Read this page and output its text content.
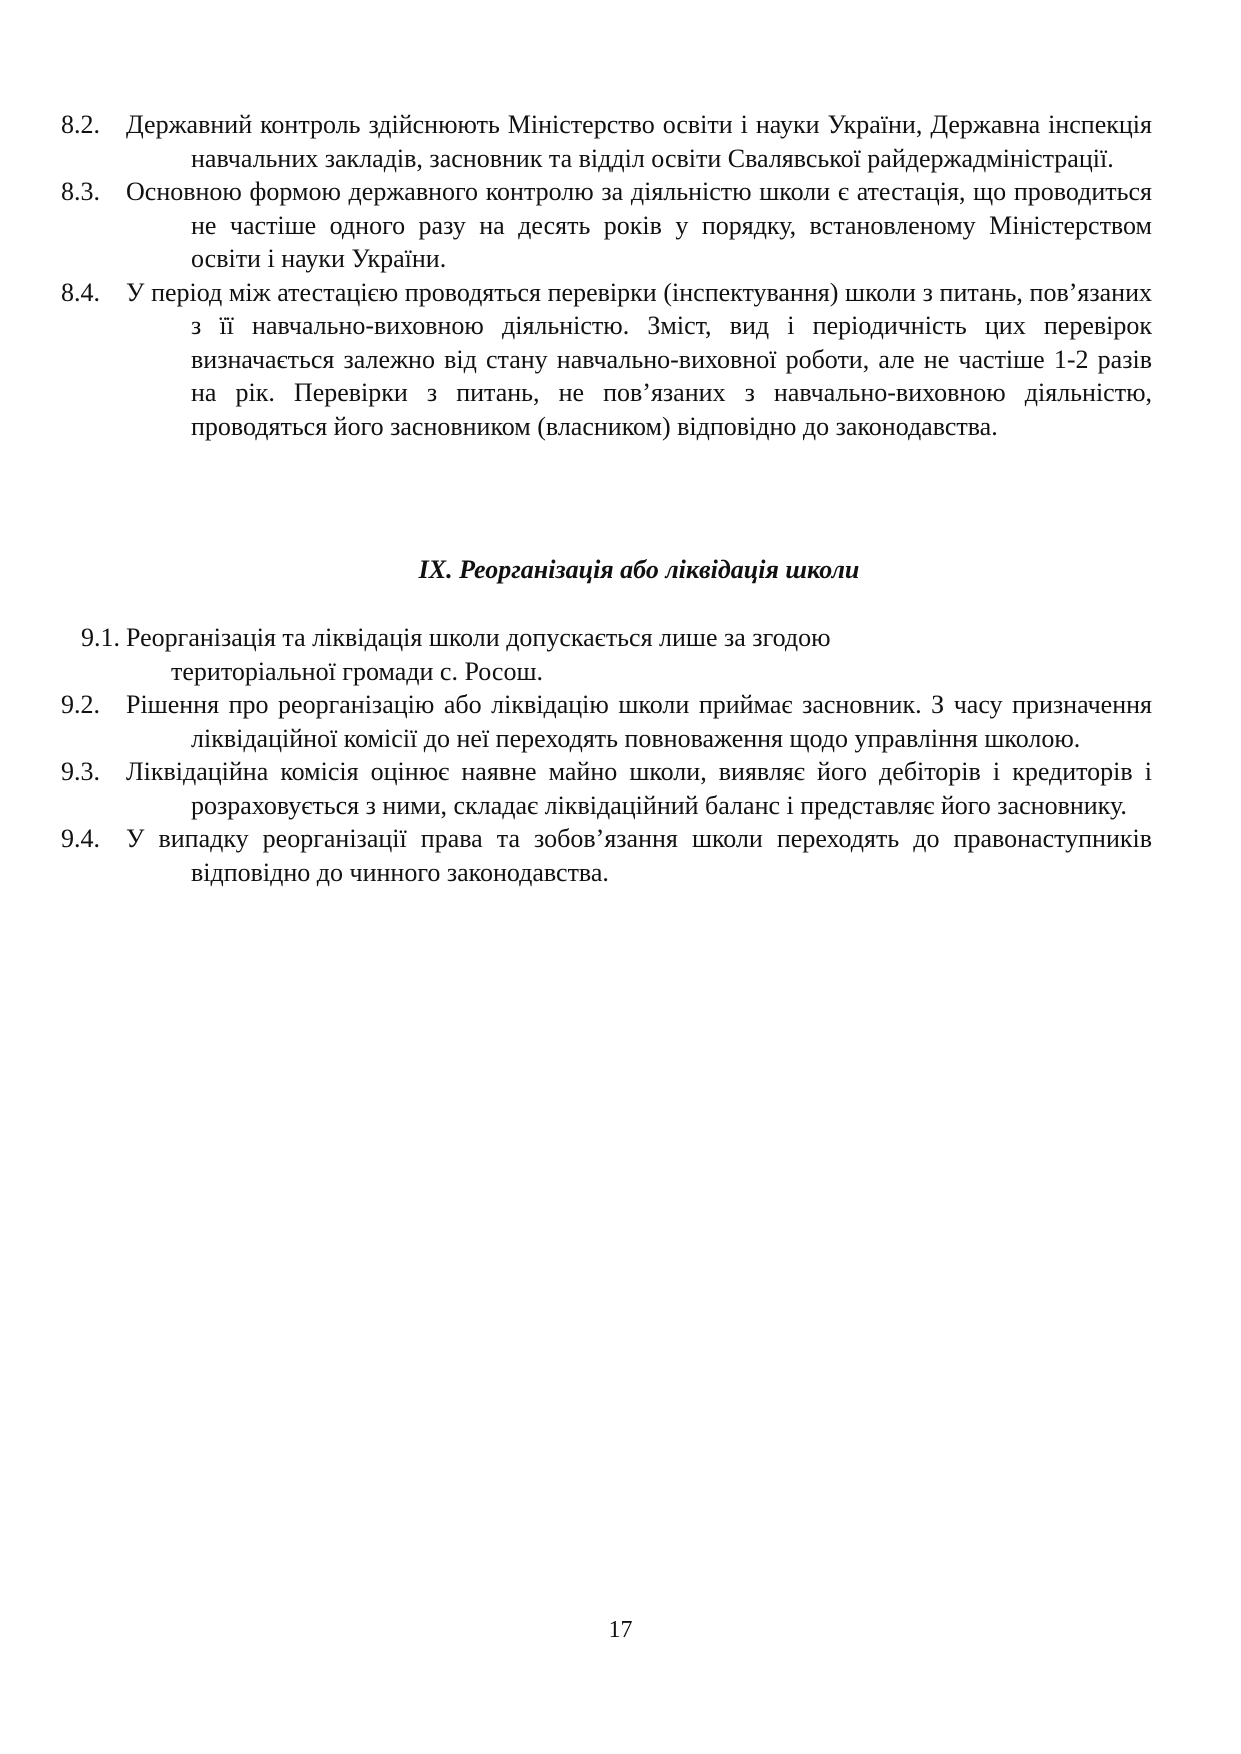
8.2. Державний контроль здійснюють Міністерство освіти і науки України, Державна інспекція навчальних закладів, засновник та відділ освіти Свалявської райдержадміністрації.
8.3.Основною формою державного контролю за діяльністю школи є атестація, що проводиться не частіше одного разу на десять років у порядку, встановленому Міністерством освіти і науки України.
8.4.У період між атестацією проводяться перевірки (інспектування) школи з питань, пов’язаних з її навчально-виховною діяльністю. Зміст, вид і періодичність цих перевірок визначається залежно від стану навчально-виховної роботи, але не частіше 1-2 разів на рік. Перевірки з питань, не пов’язаних з навчально-виховною діяльністю, проводяться його засновником (власником) відповідно до законодавства.
ІХ. Реорганізація або ліквідація школи
9.1. Реорганізація та ліквідація школи допускається лише за згодою територіальної громади с. Росош.
9.2.Рішення про реорганізацію або ліквідацію школи приймає засновник. З часу призначення ліквідаційної комісії до неї переходять повноваження щодо управління школою.
9.3.Ліквідаційна комісія оцінює наявне майно школи, виявляє його дебіторів і кредиторів і розраховується з ними, складає ліквідаційний баланс і представляє його засновнику.
9.4.У випадку реорганізації права та зобов’язання школи переходять до правонаступників відповідно до чинного законодавства.
17
